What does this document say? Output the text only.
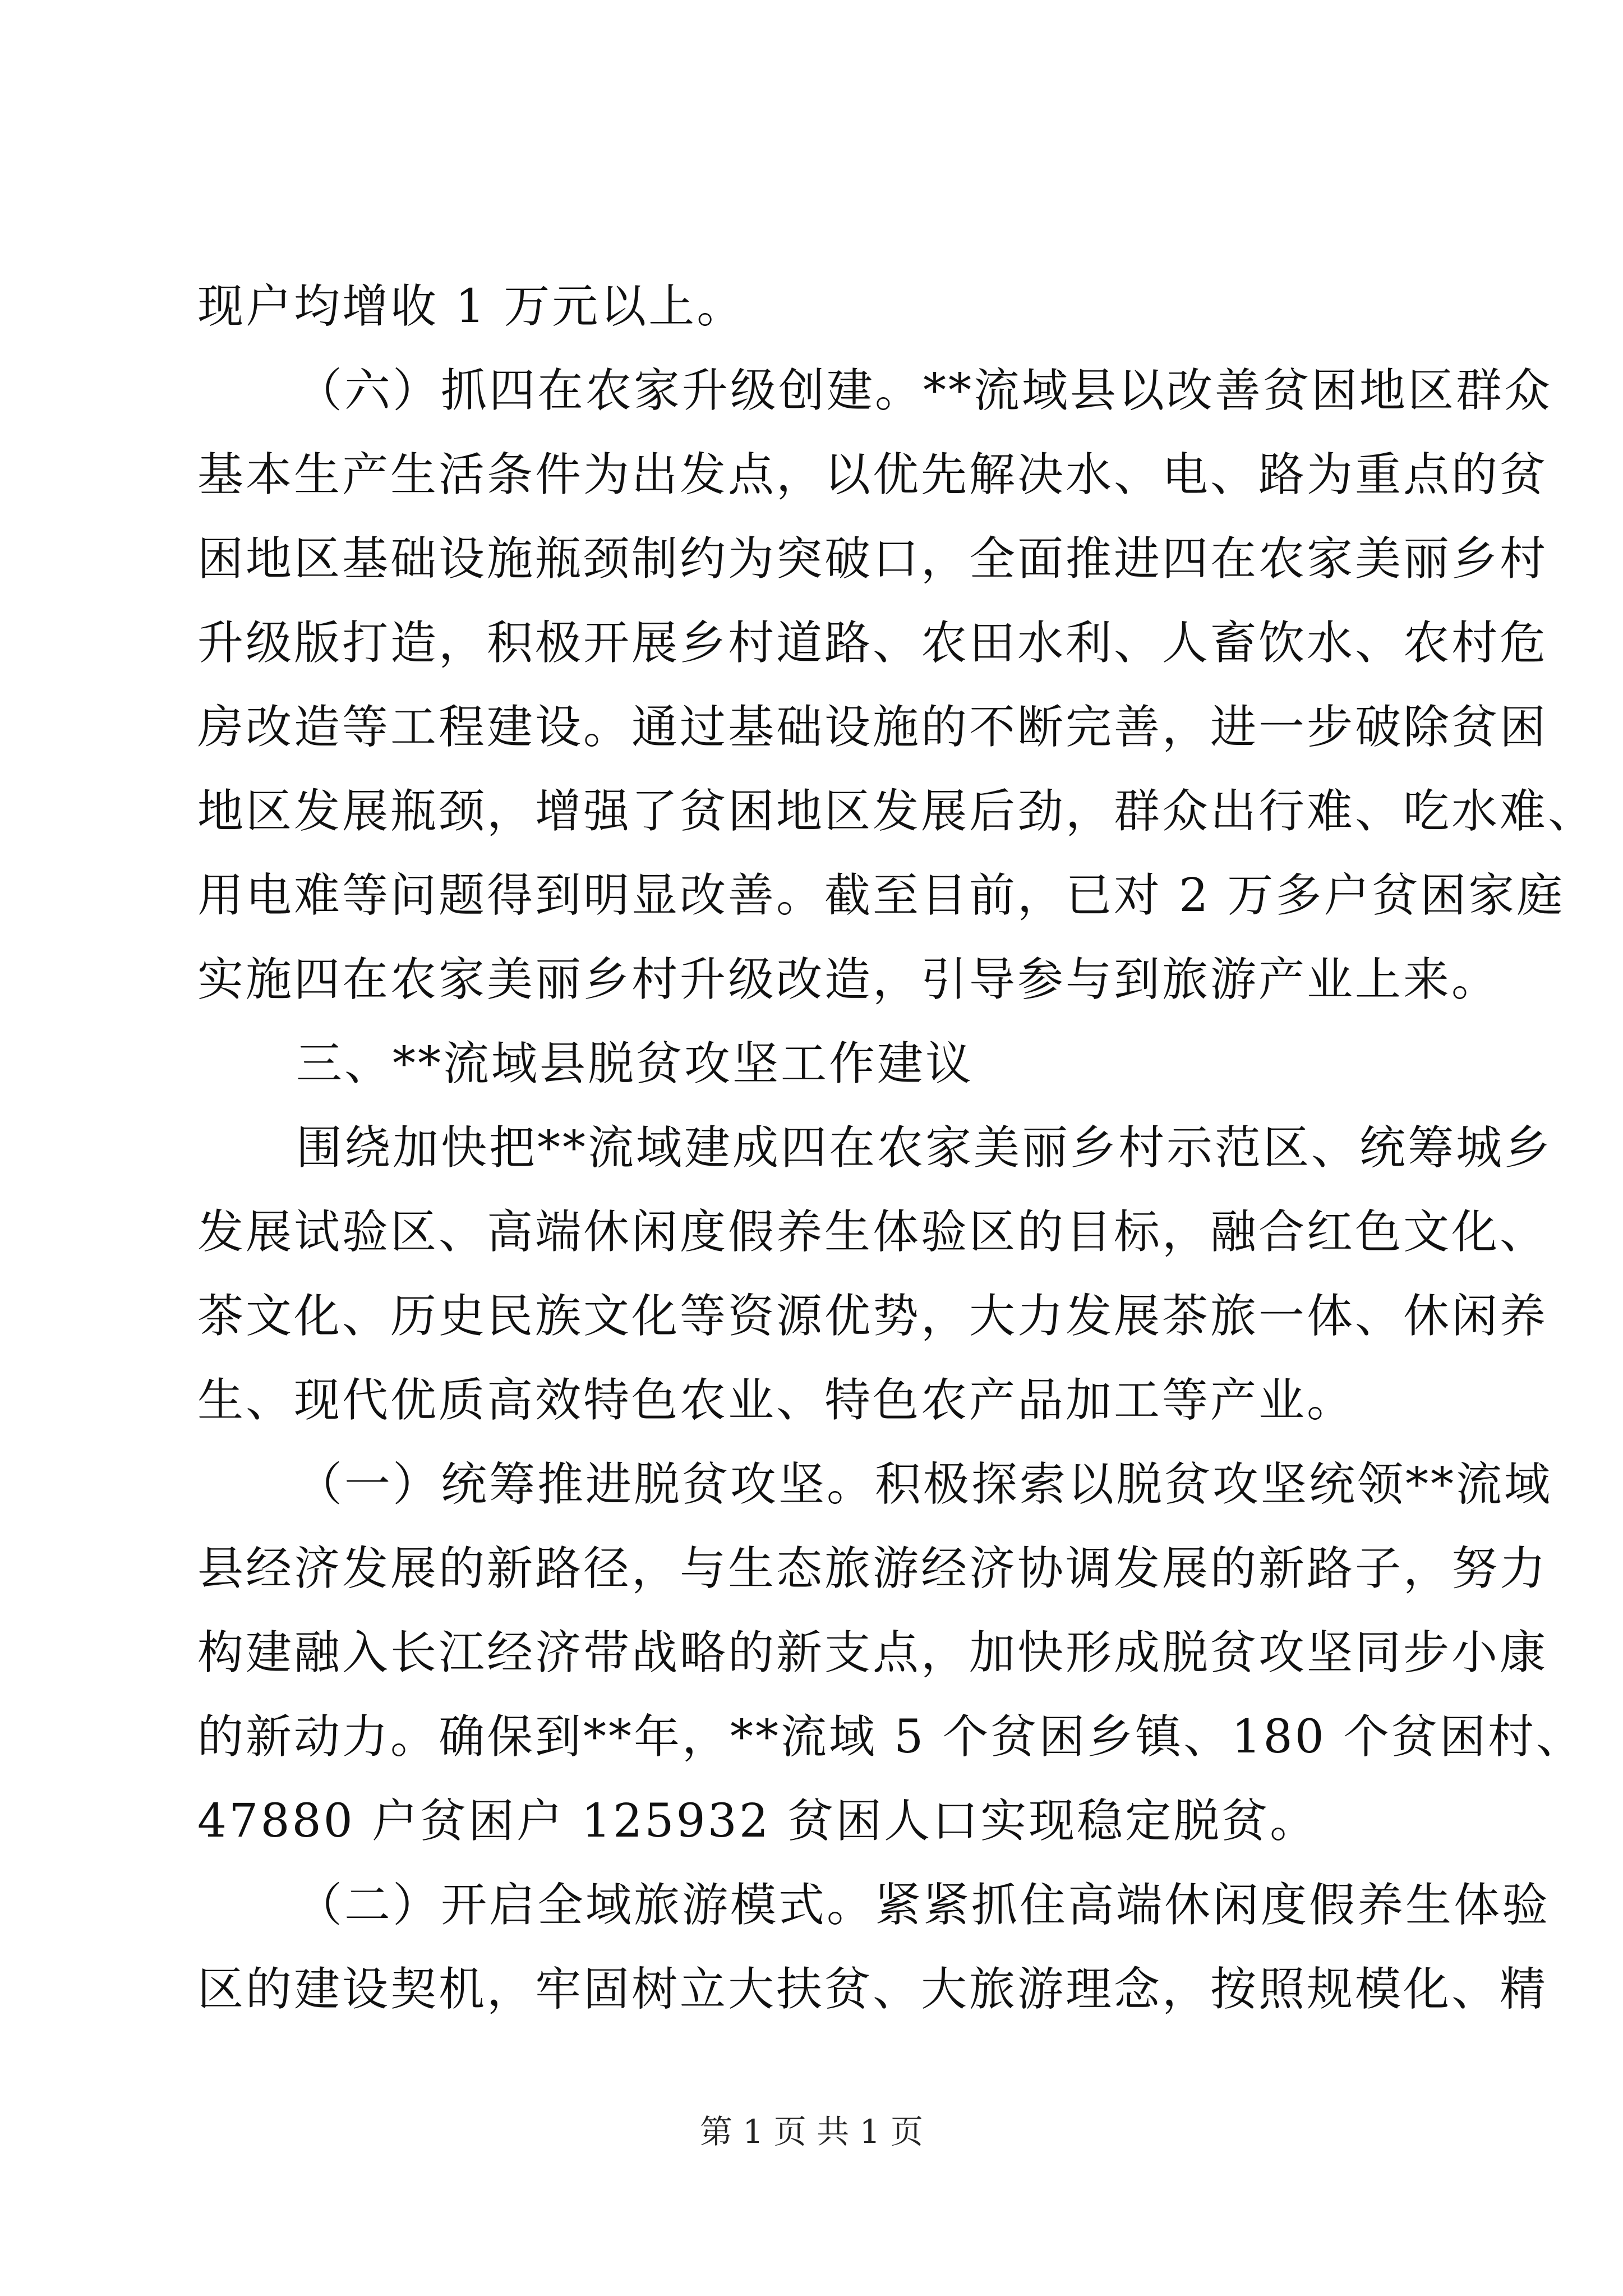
现户均增收 1 万元以上。
（六）抓四在农家升级创建。**流域县以改善贫困地区群众
基本生产生活条件为出发点，以优先解决水、电、路为重点的贫
困地区基础设施瓶颈制约为突破口，全面推进四在农家美丽乡村
升级版打造，积极开展乡村道路、农田水利、人畜饮水、农村危
房改造等工程建设。通过基础设施的不断完善，进一步破除贫困
地区发展瓶颈，增强了贫困地区发展后劲，群众出行难、吃水难、
用电难等问题得到明显改善。截至目前，已对 2 万多户贫困家庭
实施四在农家美丽乡村升级改造，引导参与到旅游产业上来。
三、**流域县脱贫攻坚工作建议
围绕加快把**流域建成四在农家美丽乡村示范区、统筹城乡
发展试验区、高端休闲度假养生体验区的目标，融合红色文化、
茶文化、历史民族文化等资源优势，大力发展茶旅一体、休闲养
生、现代优质高效特色农业、特色农产品加工等产业。
（一）统筹推进脱贫攻坚。积极探索以脱贫攻坚统领**流域
县经济发展的新路径，与生态旅游经济协调发展的新路子，努力
构建融入长江经济带战略的新支点，加快形成脱贫攻坚同步小康
的新动力。确保到**年，**流域 5 个贫困乡镇、180 个贫困村、
47880 户贫困户 125932 贫困人口实现稳定脱贫。
（二）开启全域旅游模式。紧紧抓住高端休闲度假养生体验
区的建设契机，牢固树立大扶贫、大旅游理念，按照规模化、精
第 1 页 共 1 页
